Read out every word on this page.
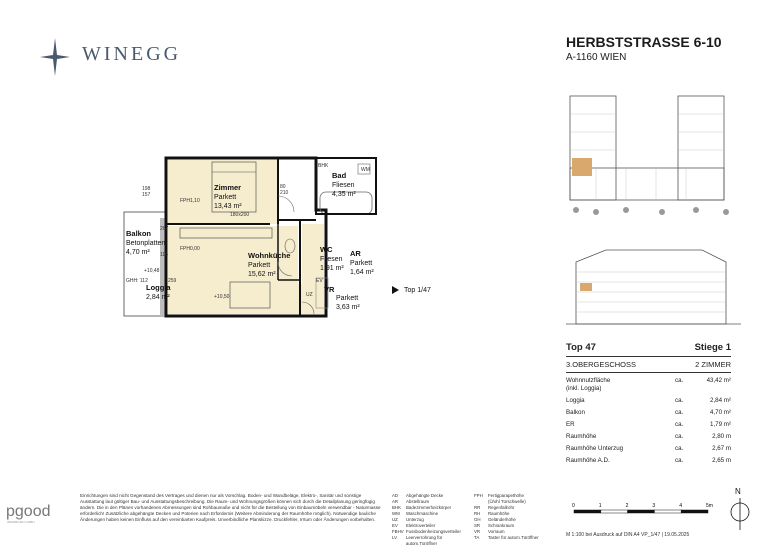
WINEGG
HERBSTSTRASSE 6-10
A-1160 WIEN
Zimmer
Parkett
13,43 m²
180x200
BHK
Bad
Fliesen
4,35 m²
Wohnküche
Parkett
15,62 m²
WC
Fliesen
1,91 m²
AR
Parkett
1,64 m²
VR
Parkett
3,63 m²
Balkon
Betonplatten
4,70 m²
Loggia
2,84 m²
+10,48
+10,50
198
157
267
118
259
FPH1,10
FPH0,00
80
210
UZ
EV
WM
GHH: 112
Top 1/47
Top 47	Stiege 1
3.OBERGESCHOSS	2 ZIMMER
Wohnnutzfläche
(inkl. Loggia)
ca.	43,42 m²
Loggia	ca.	2,84 m²
Balkon	ca.	4,70 m²
ER	ca.	1,79 m²
Raumhöhe	ca.	2,80 m
Raumhöhe Unterzug	ca.	2,67 m
Raumhöhe A.D.	ca.	2,65 m
pgood
IMMOBILIEN GMBH
Einrichtungen sind nicht Gegenstand des Vertrages und dienen nur als Vorschlag. Boden- und Wandbeläge, Elektro-, Sanitär und sonstige Ausstattung laut gültiger Bau- und Ausstattungsbeschreibung. Die Raum- und Wohnungsgrößen können sich durch die Detailplanung geringfügig ändern. Die in den Plänen vorhandenen Abmessungen sind Rohbaumaße und nicht für die Bestellung von Einbaumöbeln verwendbar - Naturmasse erforderlich! Zusätzliche abgehängte Decken und Poterien nach Erfordernis (Weitere Abminderung der Raumhöhe möglich). Notwendige bauliche Änderungen haben keinen Einfluss auf den vereinbarten Kaufpreis. Unverbindliche Planskizze. Druckfehler, Irrtum oder Änderungen vorbehalten.
AD	Abgehängte Decke
AR	Abstellraum
BHK	Badezimmerheizkörper
WM	Waschmaschine
UZ	Unterzug
EV	Elektroverteiler
FBHV Fussbodenheizungsverteiler
LV	Leerverrohrung für autom.Türöffner
FPH	Fertigparapethöhe
(Ü/ohl Türschwelle)
RR	Regenfallrohr
RH	Raumhöhe
GH	Geländerhöhe
SR	Schrankraum
VR	Vorraum
TA	Taster für autom.Türöffner
0	1	2	3	4	5m
M 1:100 bei Ausdruck auf DIN A4 VP_1/47 | 19.05.2025
N
